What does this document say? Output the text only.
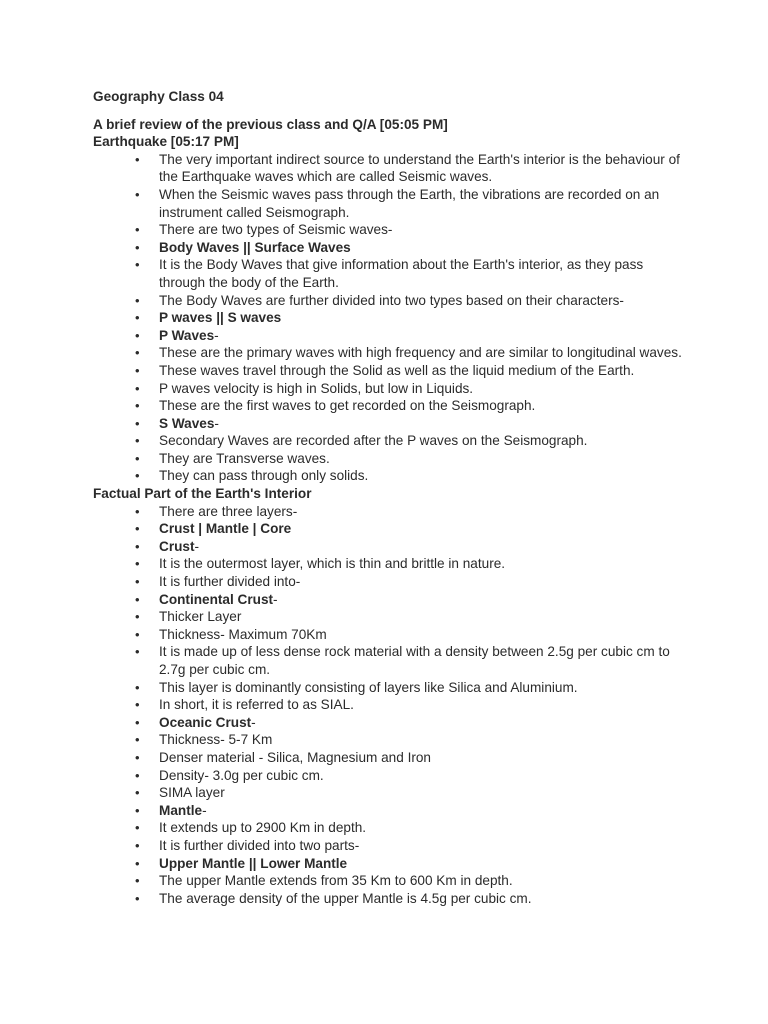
Geography Class 04

A brief review of the previous class and Q/A [05:05 PM]

Earthquake [05:17 PM]

• The very important indirect source to understand the Earth's interior is the behaviour of the Earthquake waves which are called Seismic waves.
• When the Seismic waves pass through the Earth, the vibrations are recorded on an instrument called Seismograph.
• There are two types of Seismic waves-
• Body Waves || Surface Waves
• It is the Body Waves that give information about the Earth's interior, as they pass through the body of the Earth.
• The Body Waves are further divided into two types based on their characters-
• P waves || S waves
• P Waves-
• These are the primary waves with high frequency and are similar to longitudinal waves.
• These waves travel through the Solid as well as the liquid medium of the Earth.
• P waves velocity is high in Solids, but low in Liquids.
• These are the first waves to get recorded on the Seismograph.
• S Waves-
• Secondary Waves are recorded after the P waves on the Seismograph.
• They are Transverse waves.
• They can pass through only solids.

Factual Part of the Earth's Interior

• There are three layers-
• Crust | Mantle | Core
• Crust-
• It is the outermost layer, which is thin and brittle in nature.
• It is further divided into-
• Continental Crust-
• Thicker Layer
• Thickness- Maximum 70Km
• It is made up of less dense rock material with a density between 2.5g per cubic cm to 2.7g per cubic cm.
• This layer is dominantly consisting of layers like Silica and Aluminium.
• In short, it is referred to as SIAL.
• Oceanic Crust-
• Thickness- 5-7 Km
• Denser material - Silica, Magnesium and Iron
• Density- 3.0g per cubic cm.
• SIMA layer
• Mantle-
• It extends up to 2900 Km in depth.
• It is further divided into two parts-
• Upper Mantle || Lower Mantle
• The upper Mantle extends from 35 Km to 600 Km in depth.
• The average density of the upper Mantle is 4.5g per cubic cm.
